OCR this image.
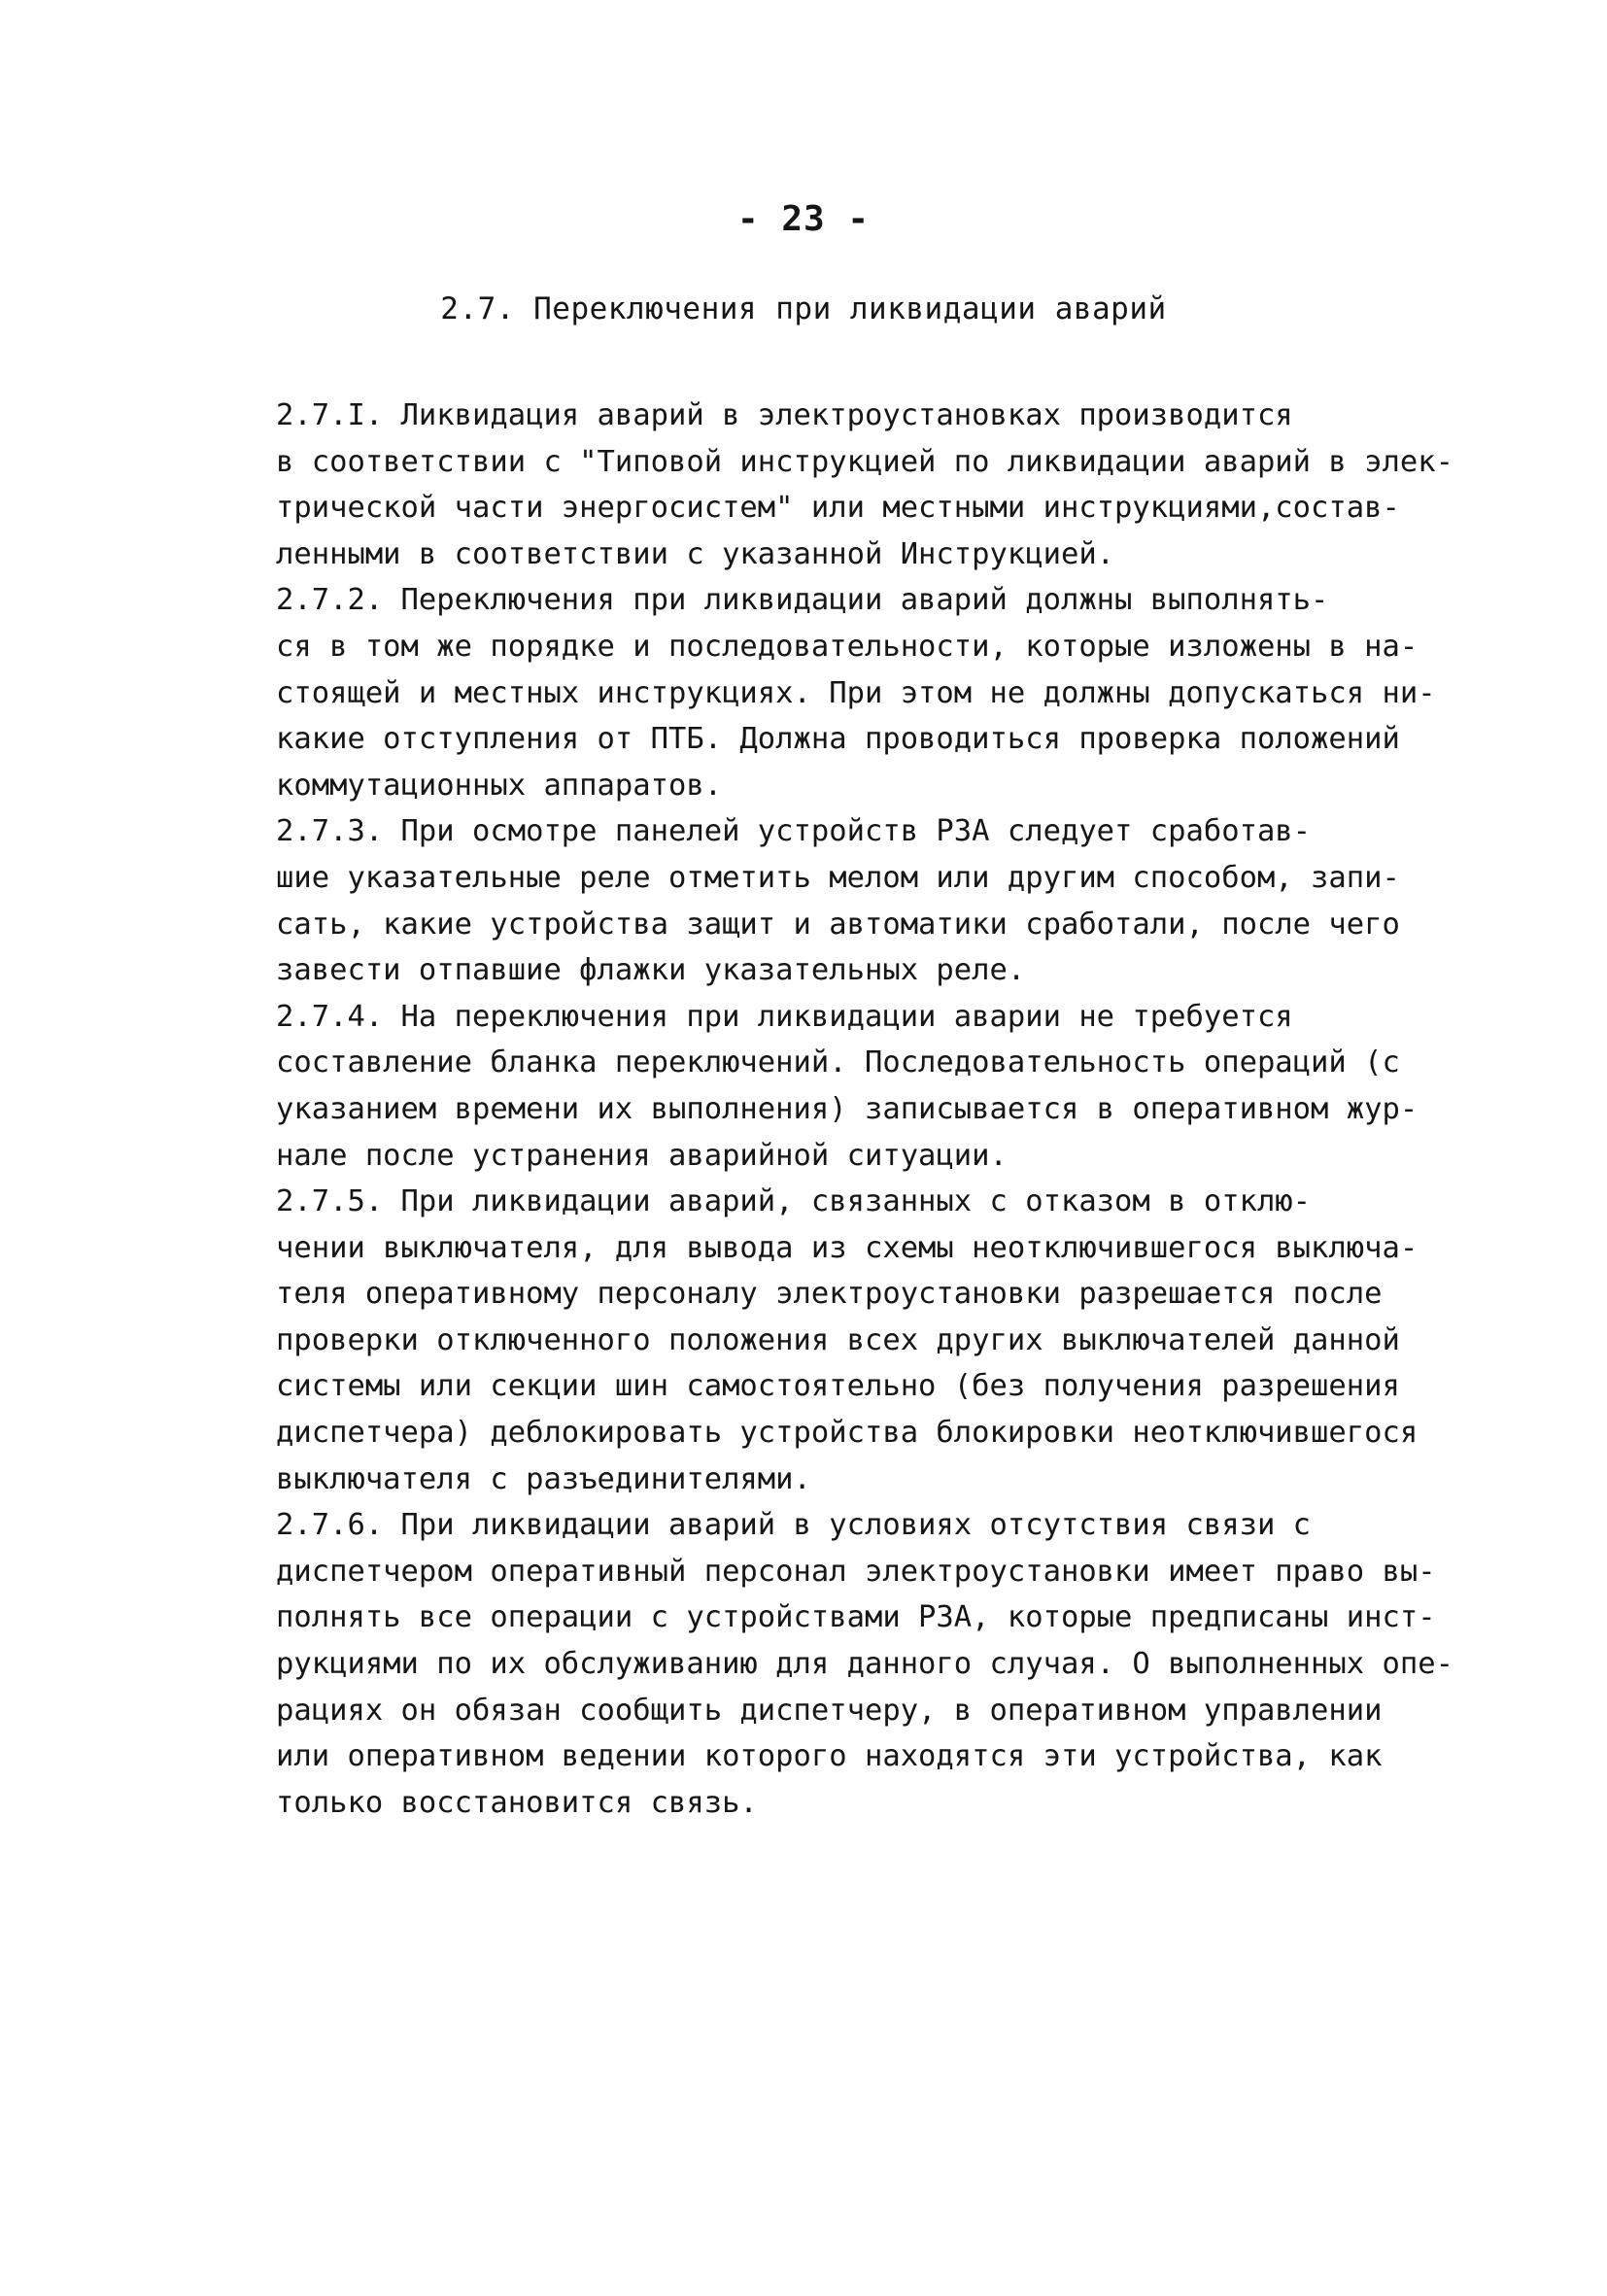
- 23 -
2.7. Переключения при ликвидации аварий

2.7.I. Ликвидация аварий в электроустановках производится
в соответствии с "Типовой инструкцией по ликвидации аварий в элек-
трической части энергосистем" или местными инструкциями,состав-
ленными в соответствии с указанной Инструкцией.

2.7.2. Переключения при ликвидации аварий должны выполнять-
ся в том же порядке и последовательности, которые изложены в на-
стоящей и местных инструкциях. При этом не должны допускаться ни-
какие отступления от ПТБ. Должна проводиться проверка положений
коммутационных аппаратов.

2.7.3. При осмотре панелей устройств РЗА следует сработав-
шие указательные реле отметить мелом или другим способом, запи-
сать, какие устройства защит и автоматики сработали, после чего
завести отпавшие флажки указательных реле.

2.7.4. На переключения при ликвидации аварии не требуется
составление бланка переключений. Последовательность операций (с
указанием времени их выполнения) записывается в оперативном жур-
нале после устранения аварийной ситуации.

2.7.5. При ликвидации аварий, связанных с отказом в отклю-
чении выключателя, для вывода из схемы неотключившегося выключа-
теля оперативному персоналу электроустановки разрешается после
проверки отключенного положения всех других выключателей данной
системы или секции шин самостоятельно (без получения разрешения
диспетчера) деблокировать устройства блокировки неотключившегося
выключателя с разъединителями.

2.7.6. При ликвидации аварий в условиях отсутствия связи с
диспетчером оперативный персонал электроустановки имеет право вы-
полнять все операции с устройствами РЗА, которые предписаны инст-
рукциями по их обслуживанию для данного случая. О выполненных опе-
рациях он обязан сообщить диспетчеру, в оперативном управлении
или оперативном ведении которого находятся эти устройства, как
только восстановится связь.
